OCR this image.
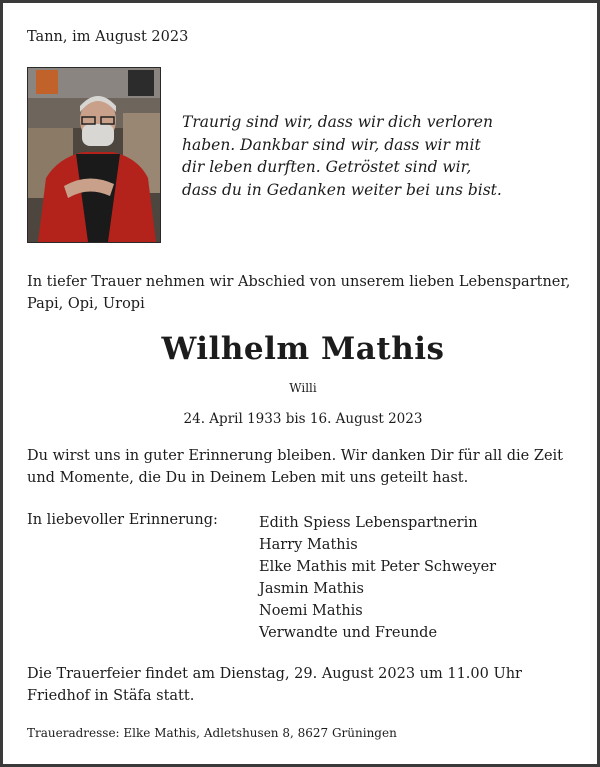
Tann, im August 2023
Traurig sind wir, dass wir dich verloren
haben. Dankbar sind wir, dass wir mit
dir leben durften. Getröstet sind wir,
dass du in Gedanken weiter bei uns bist.
In tiefer Trauer nehmen wir Abschied von unserem lieben Lebenspartner, Papi, Opi, Uropi
Wilhelm Mathis
Willi
24. April 1933 bis 16. August 2023
Du wirst uns in guter Erinnerung bleiben. Wir danken Dir für all die Zeit und Momente, die Du in Deinem Leben mit uns geteilt hast.
In liebevoller Erinnerung:	Edith Spiess Lebenspartnerin
Harry Mathis
Elke Mathis mit Peter Schweyer
Jasmin Mathis
Noemi Mathis
Verwandte und Freunde
Die Trauerfeier findet am Dienstag, 29. August 2023 um 11.00 Uhr Friedhof in Stäfa statt.
Traueradresse: Elke Mathis, Adletshusen 8, 8627 Grüningen
